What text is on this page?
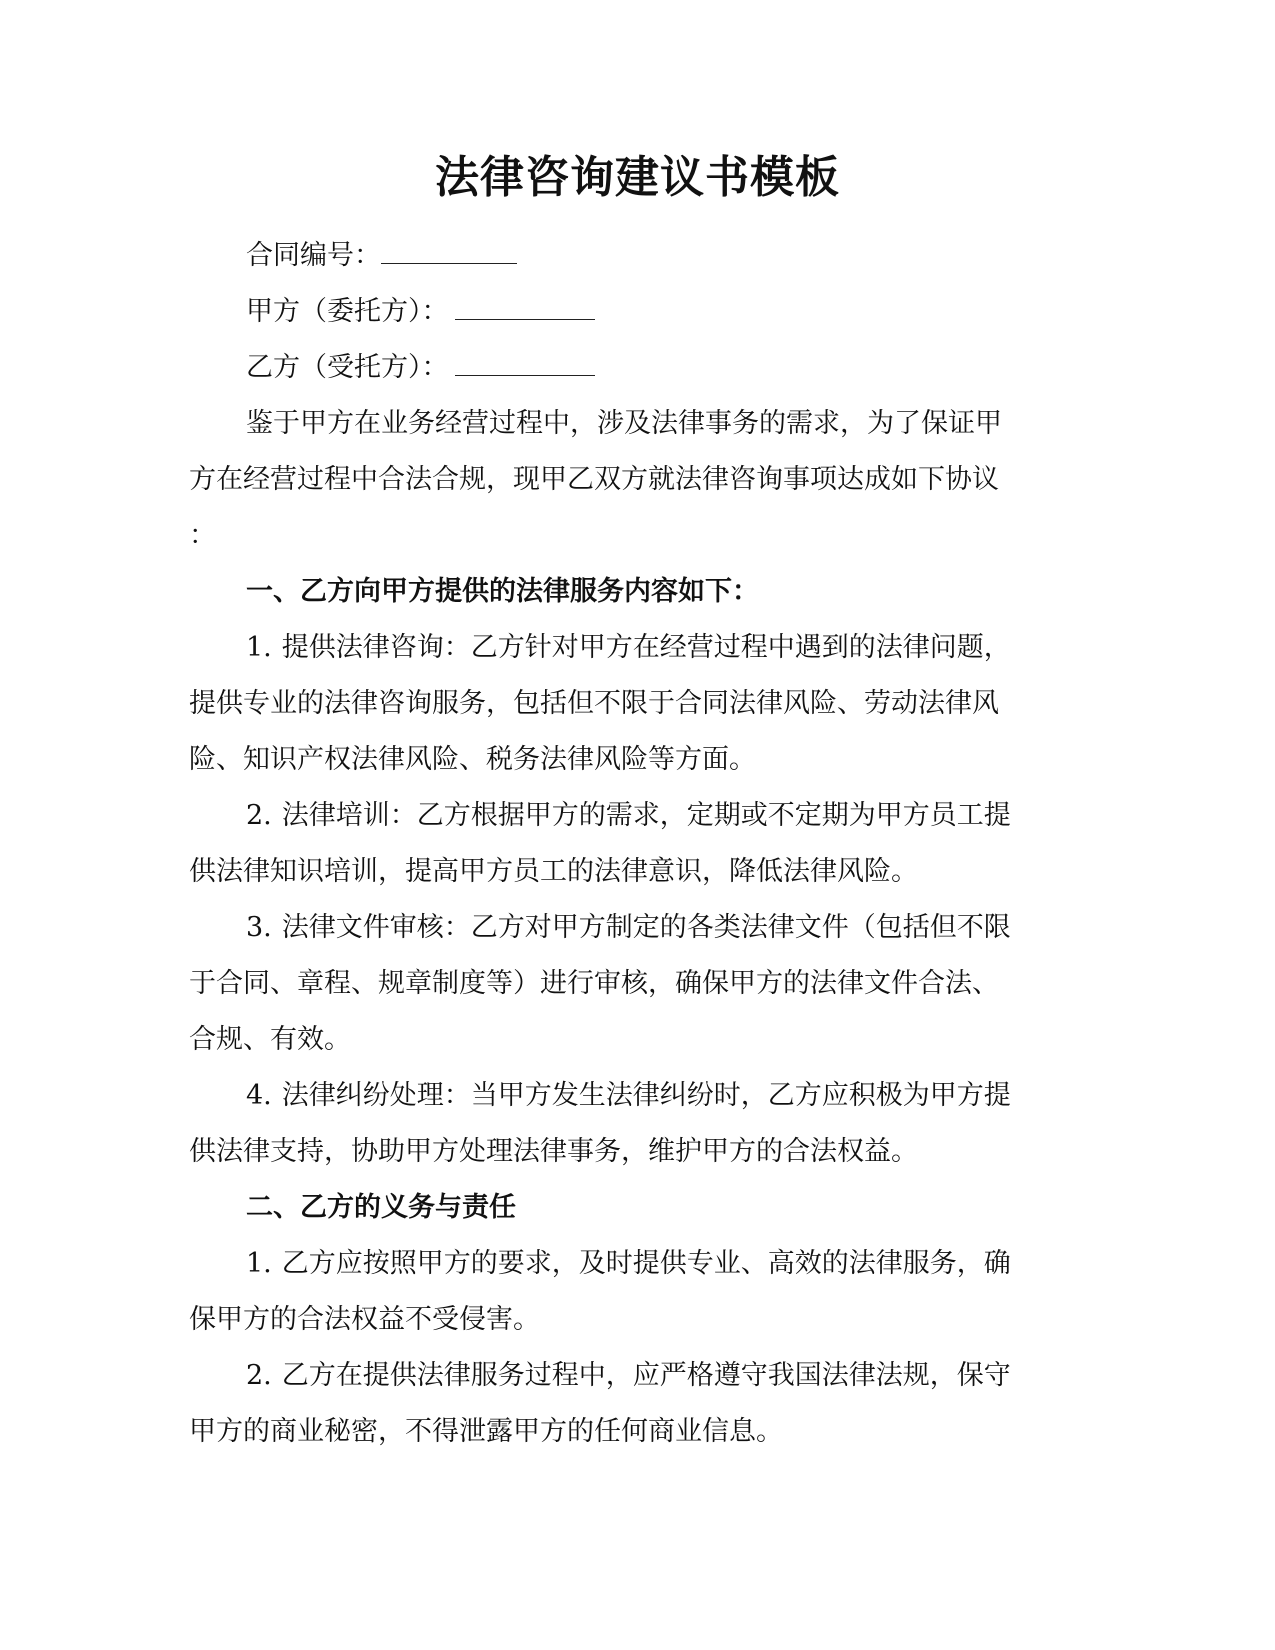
法律咨询建议书模板

合同编号：

甲方（委托方）：

乙方（受托方）：

鉴于甲方在业务经营过程中，涉及法律事务的需求，为了保证甲

方在经营过程中合法合规，现甲乙双方就法律咨询事项达成如下协议

：

一、乙方向甲方提供的法律服务内容如下：

1. 提供法律咨询：乙方针对甲方在经营过程中遇到的法律问题，

提供专业的法律咨询服务，包括但不限于合同法律风险、劳动法律风

险、知识产权法律风险、税务法律风险等方面。

2. 法律培训：乙方根据甲方的需求，定期或不定期为甲方员工提

供法律知识培训，提高甲方员工的法律意识，降低法律风险。

3. 法律文件审核：乙方对甲方制定的各类法律文件（包括但不限

于合同、章程、规章制度等）进行审核，确保甲方的法律文件合法、

合规、有效。

4. 法律纠纷处理：当甲方发生法律纠纷时，乙方应积极为甲方提

供法律支持，协助甲方处理法律事务，维护甲方的合法权益。

二、乙方的义务与责任

1. 乙方应按照甲方的要求，及时提供专业、高效的法律服务，确

保甲方的合法权益不受侵害。

2. 乙方在提供法律服务过程中，应严格遵守我国法律法规，保守

甲方的商业秘密，不得泄露甲方的任何商业信息。
